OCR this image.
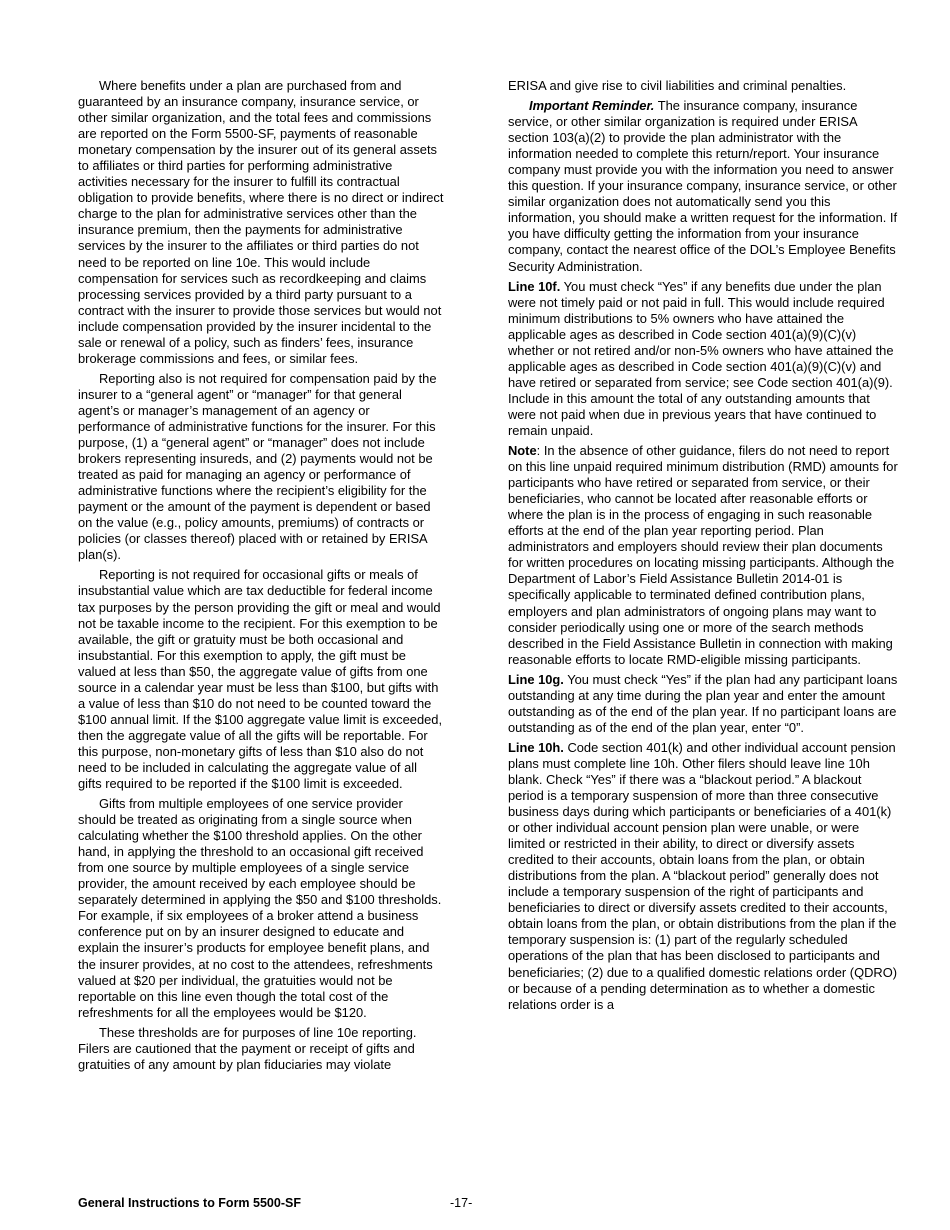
Where benefits under a plan are purchased from and guaranteed by an insurance company, insurance service, or other similar organization, and the total fees and commissions are reported on the Form 5500-SF, payments of reasonable monetary compensation by the insurer out of its general assets to affiliates or third parties for performing administrative activities necessary for the insurer to fulfill its contractual obligation to provide benefits, where there is no direct or indirect charge to the plan for administrative services other than the insurance premium, then the payments for administrative services by the insurer to the affiliates or third parties do not need to be reported on line 10e. This would include compensation for services such as recordkeeping and claims processing services provided by a third party pursuant to a contract with the insurer to provide those services but would not include compensation provided by the insurer incidental to the sale or renewal of a policy, such as finders’ fees, insurance brokerage commissions and fees, or similar fees.

Reporting also is not required for compensation paid by the insurer to a “general agent” or “manager” for that general agent’s or manager’s management of an agency or performance of administrative functions for the insurer. For this purpose, (1) a “general agent” or “manager” does not include brokers representing insureds, and (2) payments would not be treated as paid for managing an agency or performance of administrative functions where the recipient’s eligibility for the payment or the amount of the payment is dependent or based on the value (e.g., policy amounts, premiums) of contracts or policies (or classes thereof) placed with or retained by ERISA plan(s).

Reporting is not required for occasional gifts or meals of insubstantial value which are tax deductible for federal income tax purposes by the person providing the gift or meal and would not be taxable income to the recipient. For this exemption to be available, the gift or gratuity must be both occasional and insubstantial. For this exemption to apply, the gift must be valued at less than $50, the aggregate value of gifts from one source in a calendar year must be less than $100, but gifts with a value of less than $10 do not need to be counted toward the $100 annual limit. If the $100 aggregate value limit is exceeded, then the aggregate value of all the gifts will be reportable. For this purpose, non-monetary gifts of less than $10 also do not need to be included in calculating the aggregate value of all gifts required to be reported if the $100 limit is exceeded.

Gifts from multiple employees of one service provider should be treated as originating from a single source when calculating whether the $100 threshold applies. On the other hand, in applying the threshold to an occasional gift received from one source by multiple employees of a single service provider, the amount received by each employee should be separately determined in applying the $50 and $100 thresholds. For example, if six employees of a broker attend a business conference put on by an insurer designed to educate and explain the insurer’s products for employee benefit plans, and the insurer provides, at no cost to the attendees, refreshments valued at $20 per individual, the gratuities would not be reportable on this line even though the total cost of the refreshments for all the employees would be $120.

These thresholds are for purposes of line 10e reporting. Filers are cautioned that the payment or receipt of gifts and gratuities of any amount by plan fiduciaries may violate

ERISA and give rise to civil liabilities and criminal penalties.

Important Reminder. The insurance company, insurance service, or other similar organization is required under ERISA section 103(a)(2) to provide the plan administrator with the information needed to complete this return/report. Your insurance company must provide you with the information you need to answer this question. If your insurance company, insurance service, or other similar organization does not automatically send you this information, you should make a written request for the information. If you have difficulty getting the information from your insurance company, contact the nearest office of the DOL’s Employee Benefits Security Administration.

Line 10f. You must check “Yes” if any benefits due under the plan were not timely paid or not paid in full. This would include required minimum distributions to 5% owners who have attained the applicable ages as described in Code section 401(a)(9)(C)(v) whether or not retired and/or non-5% owners who have attained the applicable ages as described in Code section 401(a)(9)(C)(v) and have retired or separated from service; see Code section 401(a)(9). Include in this amount the total of any outstanding amounts that were not paid when due in previous years that have continued to remain unpaid.

Note: In the absence of other guidance, filers do not need to report on this line unpaid required minimum distribution (RMD) amounts for participants who have retired or separated from service, or their beneficiaries, who cannot be located after reasonable efforts or where the plan is in the process of engaging in such reasonable efforts at the end of the plan year reporting period. Plan administrators and employers should review their plan documents for written procedures on locating missing participants. Although the Department of Labor’s Field Assistance Bulletin 2014-01 is specifically applicable to terminated defined contribution plans, employers and plan administrators of ongoing plans may want to consider periodically using one or more of the search methods described in the Field Assistance Bulletin in connection with making reasonable efforts to locate RMD-eligible missing participants.

Line 10g. You must check “Yes” if the plan had any participant loans outstanding at any time during the plan year and enter the amount outstanding as of the end of the plan year. If no participant loans are outstanding as of the end of the plan year, enter “0”.

Line 10h. Code section 401(k) and other individual account pension plans must complete line 10h. Other filers should leave line 10h blank. Check “Yes” if there was a “blackout period.” A blackout period is a temporary suspension of more than three consecutive business days during which participants or beneficiaries of a 401(k) or other individual account pension plan were unable, or were limited or restricted in their ability, to direct or diversify assets credited to their accounts, obtain loans from the plan, or obtain distributions from the plan. A “blackout period” generally does not include a temporary suspension of the right of participants and beneficiaries to direct or diversify assets credited to their accounts, obtain loans from the plan, or obtain distributions from the plan if the temporary suspension is: (1) part of the regularly scheduled operations of the plan that has been disclosed to participants and beneficiaries; (2) due to a qualified domestic relations order (QDRO) or because of a pending determination as to whether a domestic relations order is a

General Instructions to Form 5500-SF	-17-
